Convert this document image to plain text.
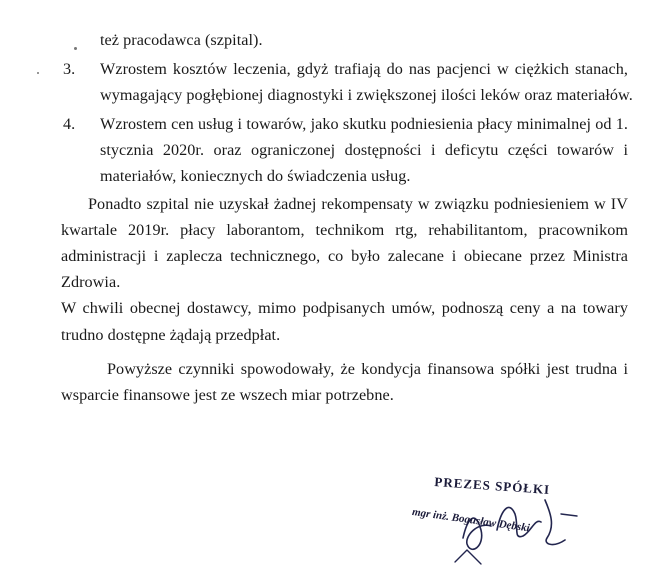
też pracodawca (szpital).
3. Wzrostem kosztów leczenia, gdyż trafiają do nas pacjenci w ciężkich stanach,
wymagający pogłębionej diagnostyki i zwiększonej ilości leków oraz materiałów.
4. Wzrostem cen usług i towarów, jako skutku podniesienia płacy minimalnej od 1.
stycznia 2020r. oraz ograniczonej dostępności i deficytu części towarów i
materiałów, koniecznych do świadczenia usług.
Ponadto szpital nie uzyskał żadnej rekompensaty w związku podniesieniem w IV
kwartale 2019r. płacy laborantom, technikom rtg, rehabilitantom, pracownikom
administracji i zaplecza technicznego, co było zalecane i obiecane przez Ministra
Zdrowia.
W chwili obecnej dostawcy, mimo podpisanych umów, podnoszą ceny a na towary
trudno dostępne żądają przedpłat.
Powyższe czynniki spowodowały, że kondycja finansowa spółki jest trudna i
wsparcie finansowe jest ze wszech miar potrzebne.
PREZES SPÓŁKI
mgr inż. Bogusław Dębski
